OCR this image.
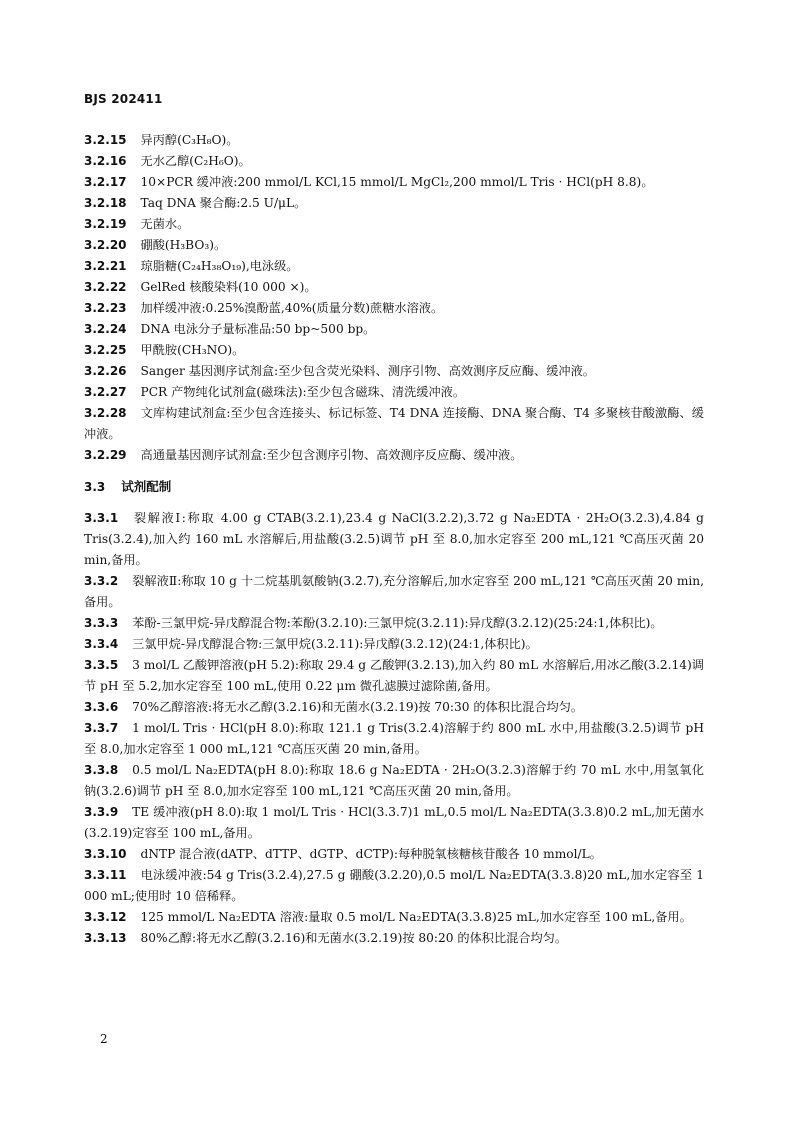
BJS 202411

3.2.15 异丙醇(C₃H₈O)。

3.2.16 无水乙醇(C₂H₆O)。

3.2.17 10×PCR 缓冲液:200 mmol/L KCl,15 mmol/L MgCl₂,200 mmol/L Tris · HCl(pH 8.8)。

3.2.18 Taq DNA 聚合酶:2.5 U/μL。

3.2.19 无菌水。

3.2.20 硼酸(H₃BO₃)。

3.2.21 琼脂糖(C₂₄H₃₈O₁₉),电泳级。

3.2.22 GelRed 核酸染料(10 000 ×)。

3.2.23 加样缓冲液:0.25%溴酚蓝,40%(质量分数)蔗糖水溶液。

3.2.24 DNA 电泳分子量标准品:50 bp~500 bp。

3.2.25 甲酰胺(CH₃NO)。

3.2.26 Sanger 基因测序试剂盒:至少包含荧光染料、测序引物、高效测序反应酶、缓冲液。

3.2.27 PCR 产物纯化试剂盒(磁珠法):至少包含磁珠、清洗缓冲液。

3.2.28 文库构建试剂盒:至少包含连接头、标记标签、T4 DNA 连接酶、DNA 聚合酶、T4 多聚核苷酸激酶、缓冲液。

3.2.29 高通量基因测序试剂盒:至少包含测序引物、高效测序反应酶、缓冲液。

3.3 试剂配制

3.3.1 裂解液Ⅰ:称取 4.00 g CTAB(3.2.1),23.4 g NaCl(3.2.2),3.72 g Na₂EDTA · 2H₂O(3.2.3),4.84 g Tris(3.2.4),加入约 160 mL 水溶解后,用盐酸(3.2.5)调节 pH 至 8.0,加水定容至 200 mL,121 ℃高压灭菌 20 min,备用。

3.3.2 裂解液Ⅱ:称取 10 g 十二烷基肌氨酸钠(3.2.7),充分溶解后,加水定容至 200 mL,121 ℃高压灭菌 20 min,备用。

3.3.3 苯酚-三氯甲烷-异戊醇混合物:苯酚(3.2.10):三氯甲烷(3.2.11):异戊醇(3.2.12)(25:24:1,体积比)。

3.3.4 三氯甲烷-异戊醇混合物:三氯甲烷(3.2.11):异戊醇(3.2.12)(24:1,体积比)。

3.3.5 3 mol/L 乙酸钾溶液(pH 5.2):称取 29.4 g 乙酸钾(3.2.13),加入约 80 mL 水溶解后,用冰乙酸(3.2.14)调节 pH 至 5.2,加水定容至 100 mL,使用 0.22 μm 微孔滤膜过滤除菌,备用。

3.3.6 70%乙醇溶液:将无水乙醇(3.2.16)和无菌水(3.2.19)按 70:30 的体积比混合均匀。

3.3.7 1 mol/L Tris · HCl(pH 8.0):称取 121.1 g Tris(3.2.4)溶解于约 800 mL 水中,用盐酸(3.2.5)调节 pH 至 8.0,加水定容至 1 000 mL,121 ℃高压灭菌 20 min,备用。

3.3.8 0.5 mol/L Na₂EDTA(pH 8.0):称取 18.6 g Na₂EDTA · 2H₂O(3.2.3)溶解于约 70 mL 水中,用氢氧化钠(3.2.6)调节 pH 至 8.0,加水定容至 100 mL,121 ℃高压灭菌 20 min,备用。

3.3.9 TE 缓冲液(pH 8.0):取 1 mol/L Tris · HCl(3.3.7)1 mL,0.5 mol/L Na₂EDTA(3.3.8)0.2 mL,加无菌水(3.2.19)定容至 100 mL,备用。

3.3.10 dNTP 混合液(dATP、dTTP、dGTP、dCTP):每种脱氧核糖核苷酸各 10 mmol/L。

3.3.11 电泳缓冲液:54 g Tris(3.2.4),27.5 g 硼酸(3.2.20),0.5 mol/L Na₂EDTA(3.3.8)20 mL,加水定容至 1 000 mL;使用时 10 倍稀释。

3.3.12 125 mmol/L Na₂EDTA 溶液:量取 0.5 mol/L Na₂EDTA(3.3.8)25 mL,加水定容至 100 mL,备用。

3.3.13 80%乙醇:将无水乙醇(3.2.16)和无菌水(3.2.19)按 80:20 的体积比混合均匀。

2
